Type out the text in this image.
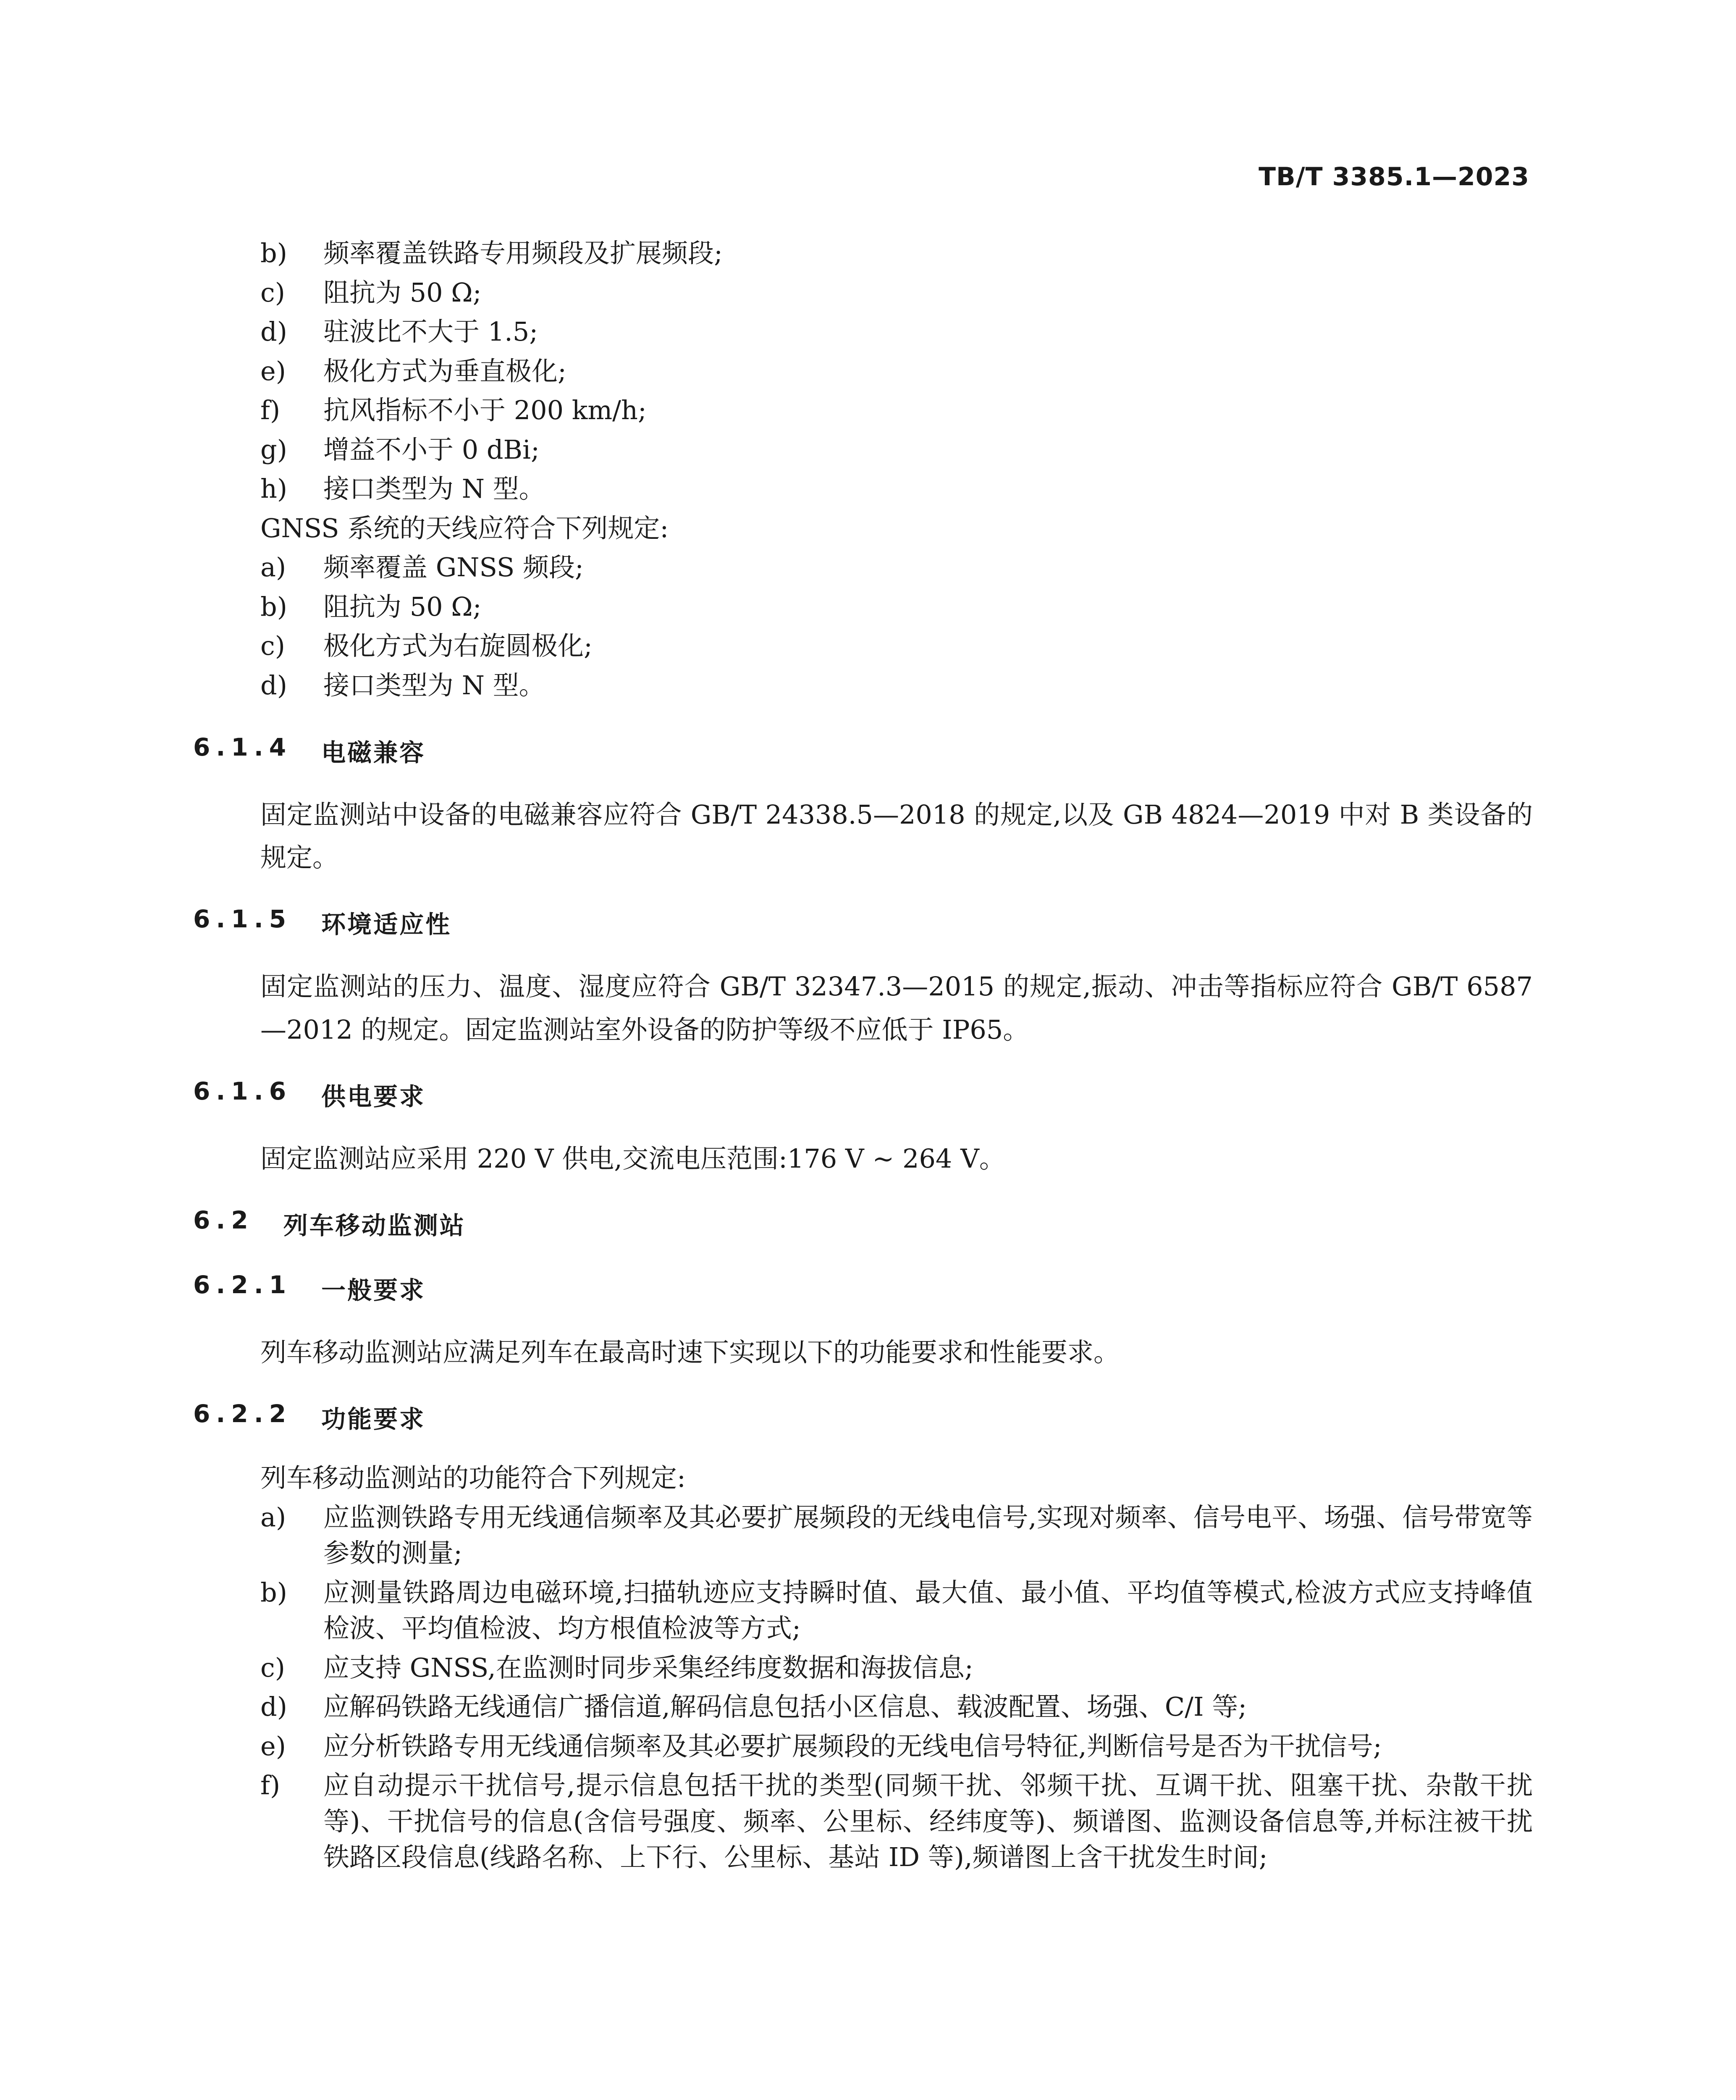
TB/T 3385.1—2023
b)	频率覆盖铁路专用频段及扩展频段;
c)	阻抗为 50 Ω;
d)	驻波比不大于 1.5;
e)	极化方式为垂直极化;
f)	抗风指标不小于 200 km/h;
g)	增益不小于 0 dBi;
h)	接口类型为 N 型。
GNSS 系统的天线应符合下列规定:
a)	频率覆盖 GNSS 频段;
b)	阻抗为 50 Ω;
c)	极化方式为右旋圆极化;
d)	接口类型为 N 型。
6.1.4 电磁兼容
固定监测站中设备的电磁兼容应符合 GB/T 24338.5—2018 的规定,以及 GB 4824—2019 中对 B 类设备的规定。
6.1.5 环境适应性
固定监测站的压力、温度、湿度应符合 GB/T 32347.3—2015 的规定,振动、冲击等指标应符合 GB/T 6587—2012 的规定。固定监测站室外设备的防护等级不应低于 IP65。
6.1.6 供电要求
固定监测站应采用 220 V 供电,交流电压范围:176 V ~ 264 V。
6.2 列车移动监测站
6.2.1 一般要求
列车移动监测站应满足列车在最高时速下实现以下的功能要求和性能要求。
6.2.2 功能要求
列车移动监测站的功能符合下列规定:
a)	应监测铁路专用无线通信频率及其必要扩展频段的无线电信号,实现对频率、信号电平、场强、信号带宽等参数的测量;
b)	应测量铁路周边电磁环境,扫描轨迹应支持瞬时值、最大值、最小值、平均值等模式,检波方式应支持峰值检波、平均值检波、均方根值检波等方式;
c)	应支持 GNSS,在监测时同步采集经纬度数据和海拔信息;
d)	应解码铁路无线通信广播信道,解码信息包括小区信息、载波配置、场强、C/I 等;
e)	应分析铁路专用无线通信频率及其必要扩展频段的无线电信号特征,判断信号是否为干扰信号;
f)	应自动提示干扰信号,提示信息包括干扰的类型(同频干扰、邻频干扰、互调干扰、阻塞干扰、杂散干扰等)、干扰信号的信息(含信号强度、频率、公里标、经纬度等)、频谱图、监测设备信息等,并标注被干扰铁路区段信息(线路名称、上下行、公里标、基站 ID 等),频谱图上含干扰发生时间;
